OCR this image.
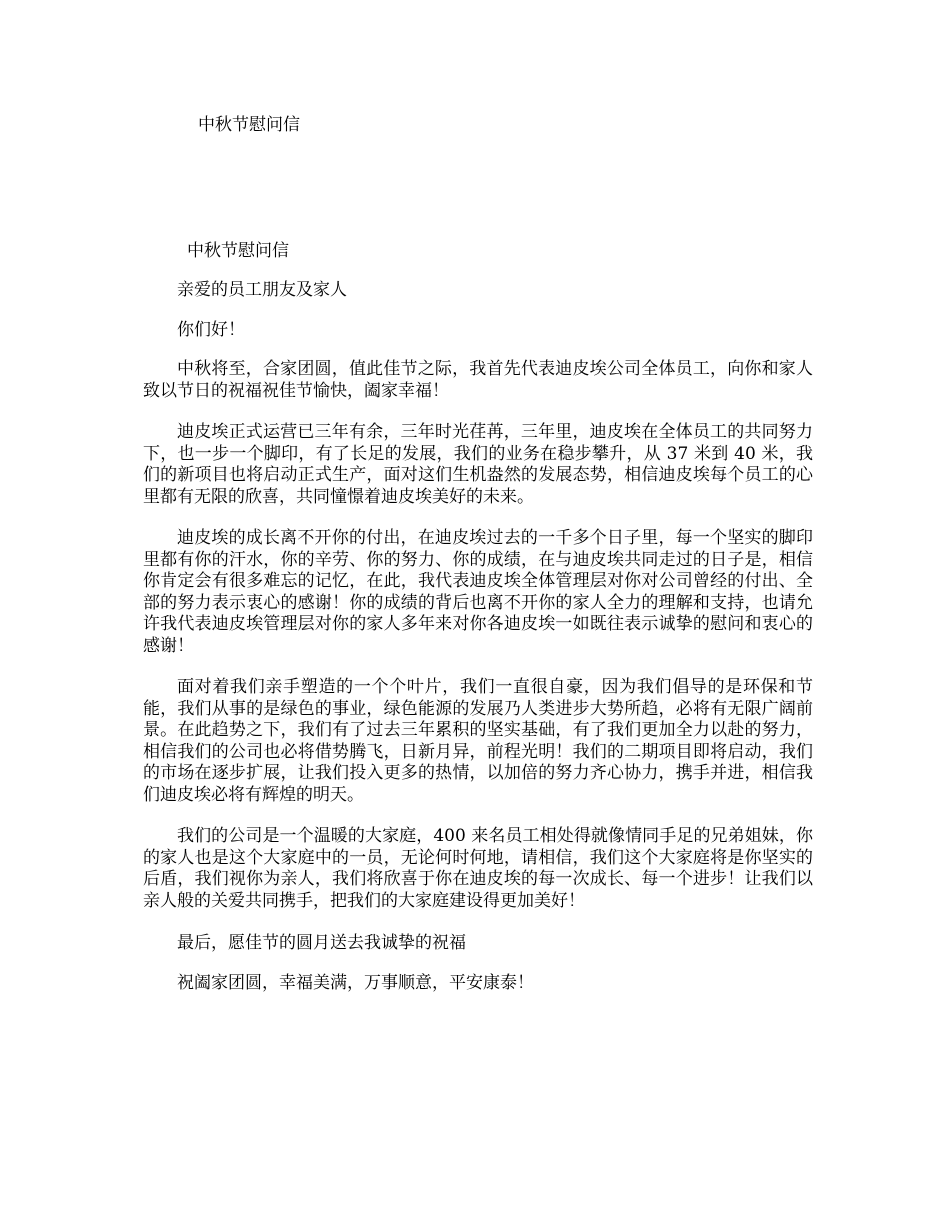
中秋节慰问信
中秋节慰问信

亲爱的员工朋友及家人

你们好！

中秋将至，合家团圆，值此佳节之际，我首先代表迪皮埃公司全体员工，向你和家人致以节日的祝福祝佳节愉快，阖家幸福！

迪皮埃正式运营已三年有余，三年时光荏苒，三年里，迪皮埃在全体员工的共同努力下，也一步一个脚印，有了长足的发展，我们的业务在稳步攀升，从 37 米到 40 米，我们的新项目也将启动正式生产，面对这们生机盎然的发展态势，相信迪皮埃每个员工的心里都有无限的欣喜，共同憧憬着迪皮埃美好的未来。

迪皮埃的成长离不开你的付出，在迪皮埃过去的一千多个日子里，每一个坚实的脚印里都有你的汗水，你的辛劳、你的努力、你的成绩，在与迪皮埃共同走过的日子是，相信你肯定会有很多难忘的记忆，在此，我代表迪皮埃全体管理层对你对公司曾经的付出、全部的努力表示衷心的感谢！你的成绩的背后也离不开你的家人全力的理解和支持，也请允许我代表迪皮埃管理层对你的家人多年来对你各迪皮埃一如既往表示诚挚的慰问和衷心的感谢！

面对着我们亲手塑造的一个个叶片，我们一直很自豪，因为我们倡导的是环保和节能，我们从事的是绿色的事业，绿色能源的发展乃人类进步大势所趋，必将有无限广阔前景。在此趋势之下，我们有了过去三年累积的坚实基础，有了我们更加全力以赴的努力，相信我们的公司也必将借势腾飞，日新月异，前程光明！我们的二期项目即将启动，我们的市场在逐步扩展，让我们投入更多的热情，以加倍的努力齐心协力，携手并进，相信我们迪皮埃必将有辉煌的明天。

我们的公司是一个温暖的大家庭，400 来名员工相处得就像情同手足的兄弟姐妹，你的家人也是这个大家庭中的一员，无论何时何地，请相信，我们这个大家庭将是你坚实的后盾，我们视你为亲人，我们将欣喜于你在迪皮埃的每一次成长、每一个进步！让我们以亲人般的关爱共同携手，把我们的大家庭建设得更加美好！

最后，愿佳节的圆月送去我诚挚的祝福

祝阖家团圆，幸福美满，万事顺意，平安康泰！
